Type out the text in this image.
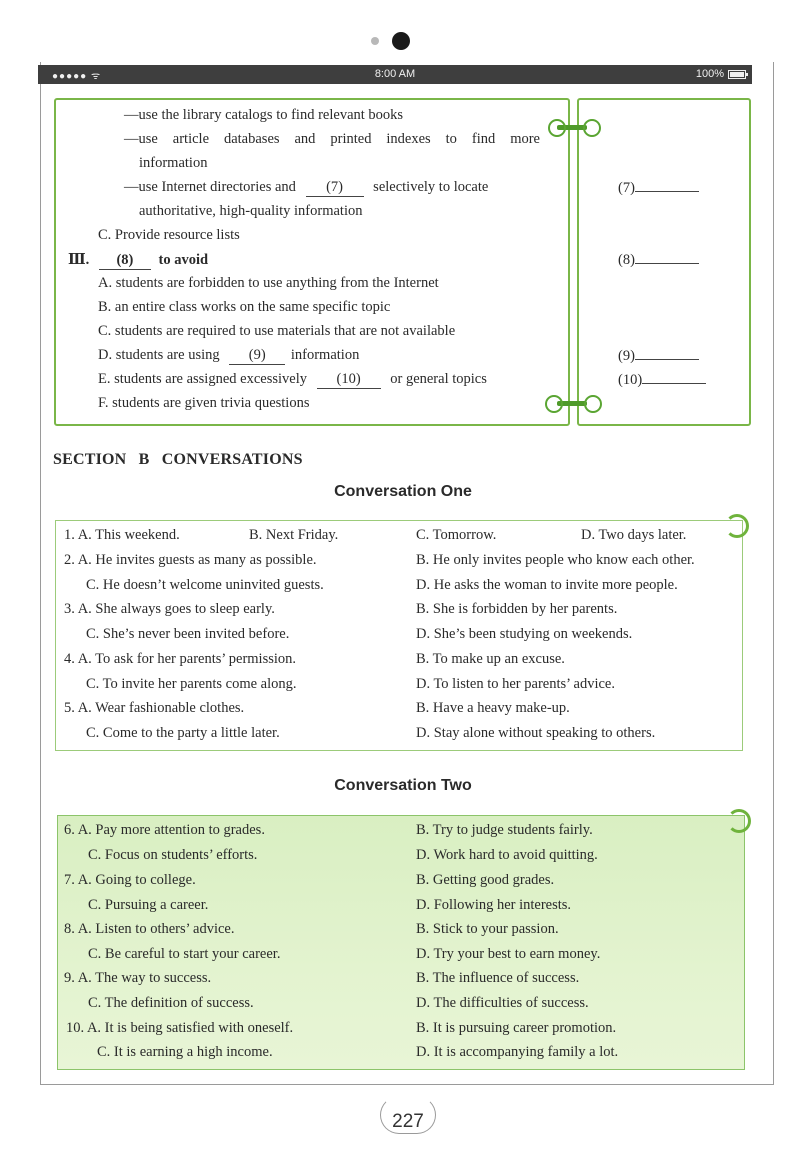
●●●●● ᯤ	8:00 AM	100%
—use the library catalogs to find relevant books
—use article databases and printed indexes to find more
information
—use Internet directories and (7) selectively to locate
authoritative, high-quality information
C. Provide resource lists
Ⅲ. (8) to avoid
A. students are forbidden to use anything from the Internet
B. an entire class works on the same specific topic
C. students are required to use materials that are not available
D. students are using (9) information
E. students are assigned excessively (10) or general topics
F. students are given trivia questions
(7)
(8)
(9)
(10)
SECTION B CONVERSATIONS
Conversation One
1. A. This weekend.	B. Next Friday.	C. Tomorrow.	D. Two days later.
2. A. He invites guests as many as possible.	B. He only invites people who know each other.
C. He doesn’t welcome uninvited guests.	D. He asks the woman to invite more people.
3. A. She always goes to sleep early.	B. She is forbidden by her parents.
C. She’s never been invited before.	D. She’s been studying on weekends.
4. A. To ask for her parents’ permission.	B. To make up an excuse.
C. To invite her parents come along.	D. To listen to her parents’ advice.
5. A. Wear fashionable clothes.	B. Have a heavy make-up.
C. Come to the party a little later.	D. Stay alone without speaking to others.
Conversation Two
6. A. Pay more attention to grades.	B. Try to judge students fairly.
C. Focus on students’ efforts.	D. Work hard to avoid quitting.
7. A. Going to college.	B. Getting good grades.
C. Pursuing a career.	D. Following her interests.
8. A. Listen to others’ advice.	B. Stick to your passion.
C. Be careful to start your career.	D. Try your best to earn money.
9. A. The way to success.	B. The influence of success.
C. The definition of success.	D. The difficulties of success.
10. A. It is being satisfied with oneself.	B. It is pursuing career promotion.
C. It is earning a high income.	D. It is accompanying family a lot.
227
